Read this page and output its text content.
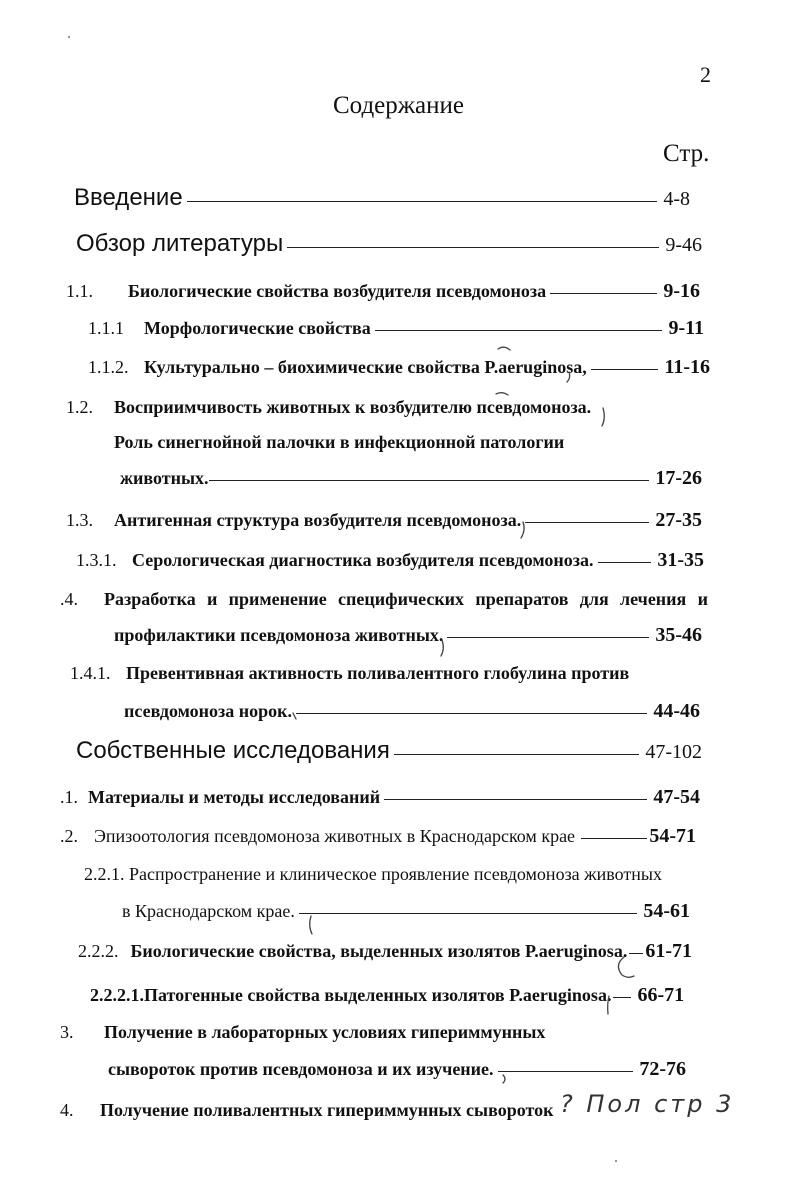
2
Содержание
Стр.
Введение	4-8
Обзор литературы	9-46
1.1.	Биологические свойства возбудителя псевдомоноза	9-16
1.1.1	Морфологические свойства	9-11
1.1.2. Культурально – биохимические свойства P.aeruginosa,	11-16
1.2. Восприимчивость животных к возбудителю псевдомоноза.
Роль синегнойной палочки в инфекционной патологии
животных.	17-26
1.3.	Антигенная структура возбудителя псевдомоноза.	27-35
1.3.1. Серологическая диагностика возбудителя псевдомоноза.	31-35
.4.	Разработка и применение специфических препаратов для лечения и
профилактики псевдомоноза животных.	35-46
1.4.1. Превентивная активность поливалентного глобулина против
псевдомоноза норок.	44-46
Собственные исследования	47-102
.1. Материалы и методы исследований	47-54
.2. Эпизоотология псевдомоноза животных в Краснодарском крае	54-71
2.2.1. Распространение и клиническое проявление псевдомоноза животных
в Краснодарском крае.	54-61
2.2.2. Биологические свойства, выделенных изолятов P.aeruginosa. 61-71
2.2.2.1.Патогенные свойства выделенных изолятов P.aeruginosa. 66-71
3. Получение в лабораторных условиях гипериммунных
сывороток против псевдомоноза и их изучение.	72-76
4. Получение поливалентных гипериммунных сывороток ? Пол стр 3
